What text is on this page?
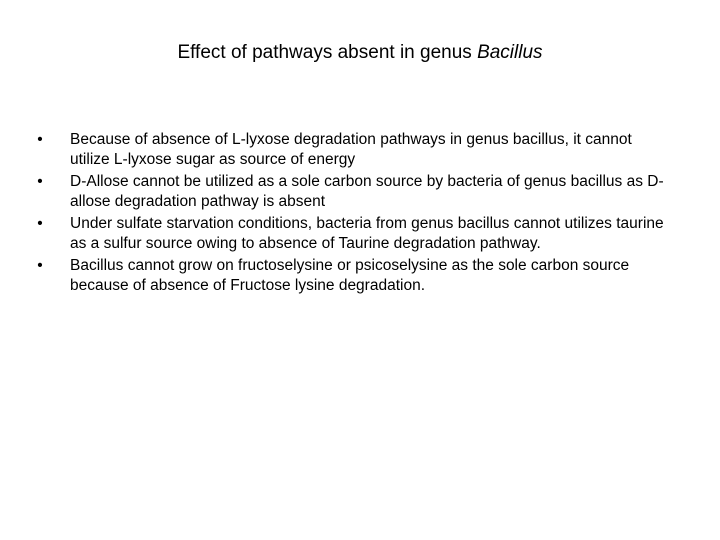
Effect of pathways absent in genus Bacillus
• Because of absence of L-lyxose degradation pathways in genus bacillus, it cannot utilize L-lyxose sugar as source of energy
• D-Allose cannot be utilized as a sole carbon source by bacteria of genus bacillus as D-allose degradation pathway is absent
• Under sulfate starvation conditions, bacteria from genus bacillus cannot utilizes taurine as a sulfur source owing to absence of Taurine degradation pathway.
• Bacillus cannot grow on fructoselysine or psicoselysine as the sole carbon source because of absence of Fructose lysine degradation.
